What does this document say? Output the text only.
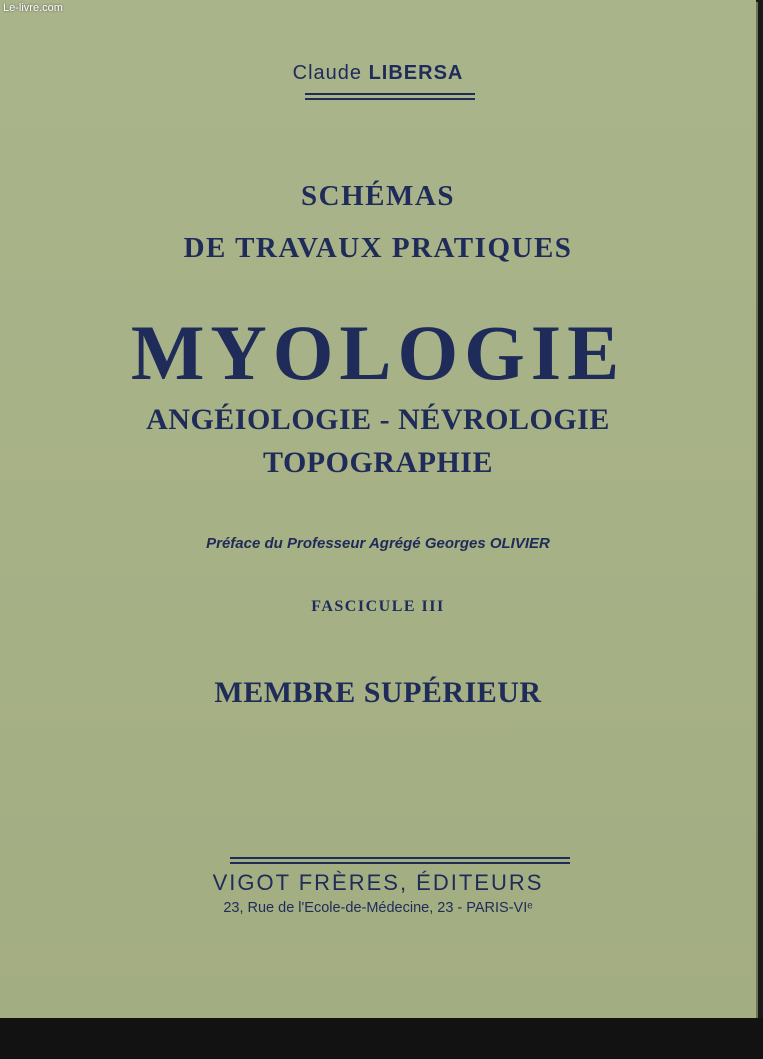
Claude LIBERSA
SCHÉMAS
DE TRAVAUX PRATIQUES
MYOLOGIE
ANGÉIOLOGIE - NÉVROLOGIE
TOPOGRAPHIE
Préface du Professeur Agrégé Georges OLIVIER
FASCICULE III
MEMBRE SUPÉRIEUR
VIGOT FRÈRES, ÉDITEURS
23, Rue de l'Ecole-de-Médecine, 23 - PARIS-VIᵉ
Le-livre.com
